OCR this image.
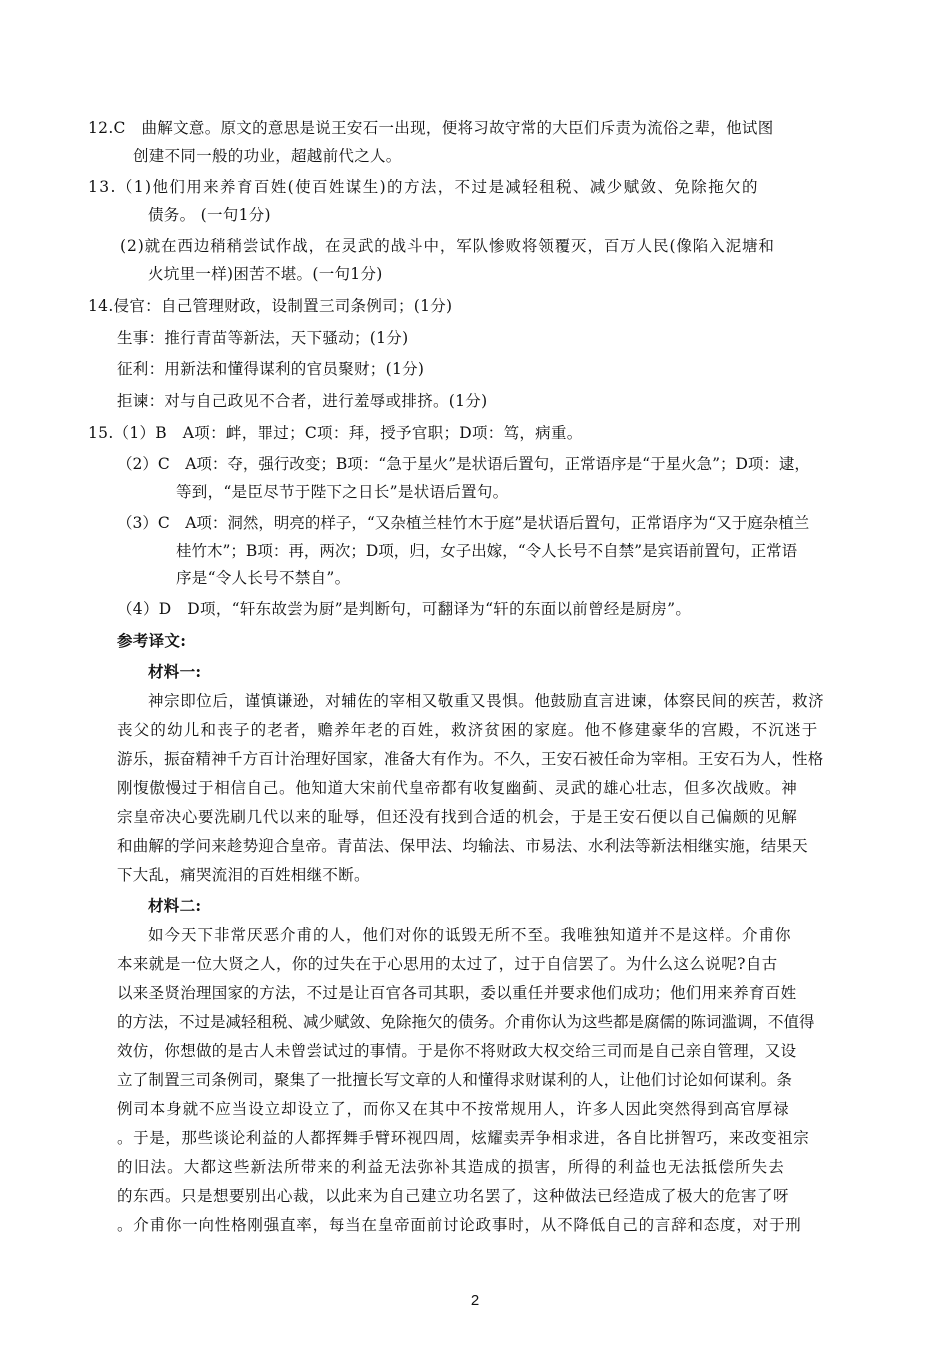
12.C　曲解文意。原文的意思是说王安石一出现，便将习故守常的大臣们斥责为流俗之辈，他试图
创建不同一般的功业，超越前代之人。
13.（1)他们用来养育百姓(使百姓谋生)的方法，不过是减轻租税、减少赋敛、免除拖欠的
债务。 (一句1分)
(2)就在西边稍稍尝试作战，在灵武的战斗中，军队惨败将领覆灭，百万人民(像陷入泥塘和
火坑里一样)困苦不堪。(一句1分)
14.侵官：自己管理财政，设制置三司条例司；(1分)
生事：推行青苗等新法，天下骚动；(1分)
征利：用新法和懂得谋利的官员聚财；(1分)
拒谏：对与自己政见不合者，进行羞辱或排挤。(1分)
15.（1）B　A项：衅，罪过；C项：拜，授予官职；D项：笃，病重。
（2）C　A项：夺，强行改变；B项：“急于星火”是状语后置句，正常语序是“于星火急”；D项：逮，
等到，“是臣尽节于陛下之日长”是状语后置句。
（3）C　A项：洞然，明亮的样子，“又杂植兰桂竹木于庭”是状语后置句，正常语序为“又于庭杂植兰
桂竹木”；B项：再，两次；D项，归，女子出嫁，“令人长号不自禁”是宾语前置句，正常语
序是“令人长号不禁自”。
（4）D　D项，“轩东故尝为厨”是判断句，可翻译为“轩的东面以前曾经是厨房”。
参考译文:
材料一:
神宗即位后，谨慎谦逊，对辅佐的宰相又敬重又畏惧。他鼓励直言进谏，体察民间的疾苦，救济
丧父的幼儿和丧子的老者，赡养年老的百姓，救济贫困的家庭。他不修建豪华的宫殿，不沉迷于
游乐，振奋精神千方百计治理好国家，准备大有作为。不久，王安石被任命为宰相。王安石为人，性格
刚愎傲慢过于相信自己。他知道大宋前代皇帝都有收复幽蓟、灵武的雄心壮志，但多次战败。神
宗皇帝决心要洗刷几代以来的耻辱，但还没有找到合适的机会，于是王安石便以自己偏颇的见解
和曲解的学问来趁势迎合皇帝。青苗法、保甲法、均输法、市易法、水利法等新法相继实施，结果天
下大乱，痛哭流泪的百姓相继不断。
材料二:
如今天下非常厌恶介甫的人，他们对你的诋毁无所不至。我唯独知道并不是这样。介甫你
本来就是一位大贤之人，你的过失在于心思用的太过了，过于自信罢了。为什么这么说呢?自古
以来圣贤治理国家的方法，不过是让百官各司其职，委以重任并要求他们成功；他们用来养育百姓
的方法，不过是减轻租税、减少赋敛、免除拖欠的债务。介甫你认为这些都是腐儒的陈词滥调，不值得
效仿，你想做的是古人未曾尝试过的事情。于是你不将财政大权交给三司而是自己亲自管理，又设
立了制置三司条例司，聚集了一批擅长写文章的人和懂得求财谋利的人，让他们讨论如何谋利。条
例司本身就不应当设立却设立了，而你又在其中不按常规用人，许多人因此突然得到高官厚禄
。于是，那些谈论利益的人都挥舞手臂环视四周，炫耀卖弄争相求进，各自比拼智巧，来改变祖宗
的旧法。大都这些新法所带来的利益无法弥补其造成的损害，所得的利益也无法抵偿所失去
的东西。只是想要别出心裁，以此来为自己建立功名罢了，这种做法已经造成了极大的危害了呀
。介甫你一向性格刚强直率，每当在皇帝面前讨论政事时，从不降低自己的言辞和态度，对于刑
2
